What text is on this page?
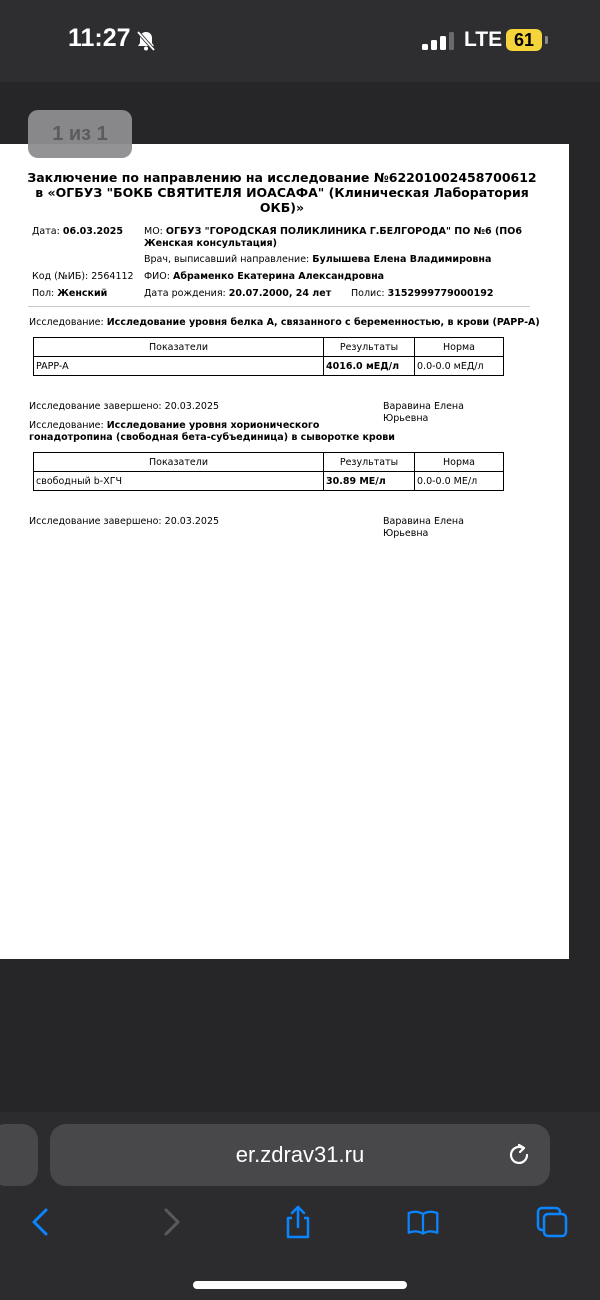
11:27	LTE 61
1 из 1
Заключение по направлению на исследование №62201002458700612 в «ОГБУЗ "БОКБ СВЯТИТЕЛЯ ИОАСАФА" (Клиническая Лаборатория ОКБ)»
Дата: 06.03.2025 МО: ОГБУЗ "ГОРОДСКАЯ ПОЛИКЛИНИКА Г.БЕЛГОРОДА" ПО №6 (ПО6 Женская консультация)
Врач, выписавший направление: Булышева Елена Владимировна
Код (№ИБ): 2564112 ФИО: Абраменко Екатерина Александровна
Пол: Женский	Дата рождения: 20.07.2000, 24 лет Полис: 3152999779000192
Исследование: Исследование уровня белка А, связанного с беременностью, в крови (PAPP-A)
Показатели	Результаты	Норма
PAPP-A	4016.0 мЕД/л	0.0-0.0 мЕД/л
Исследование завершено: 20.03.2025	Варавина Елена Юрьевна
Исследование: Исследование уровня хорионического гонадотропина (свободная бета-субъединица) в сыворотке крови
Показатели	Результаты	Норма
свободный b-ХГЧ	30.89 МЕ/л	0.0-0.0 МЕ/л
Исследование завершено: 20.03.2025	Варавина Елена Юрьевна
er.zdrav31.ru
